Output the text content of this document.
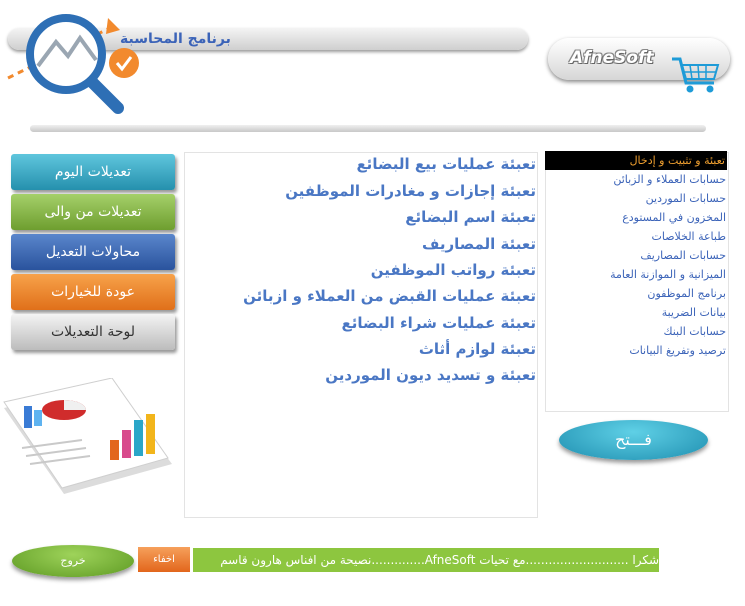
برنامج المحاسبة
AfneSoft
تعديلات اليوم
تعديلات من والى
محاولات التعديل
عودة للخيارات
لوحة التعديلات
تعبئة عمليات بيع البضائع
تعبئة إجازات و مغادرات الموظفين
تعبئة اسم البضائع
تعبئة المصاريف
تعبئة رواتب الموظفين
تعبئة عمليات القبض من العملاء و ازبائن
تعبئة عمليات شراء البضائع
تعبئة لوازم أثاث
تعبئة و تسديد ديون الموردين
تعبئة و تثبيت و إدخال
حسابات العملاء و الزبائن
حسابات الموردين
المخزون في المستودع
طباعة الخلاصات
حسابات المصاريف
الميزانية و الموازنة العامة
برنامج الموظفون
بيانات الضريبة
حسابات البنك
ترصيد وتفريغ البيانات
فـــتح
خروج	اخفاء	شكرا ...........................مع تحيات AfneSoft..............نصيحة من افناس هارون قاسم
